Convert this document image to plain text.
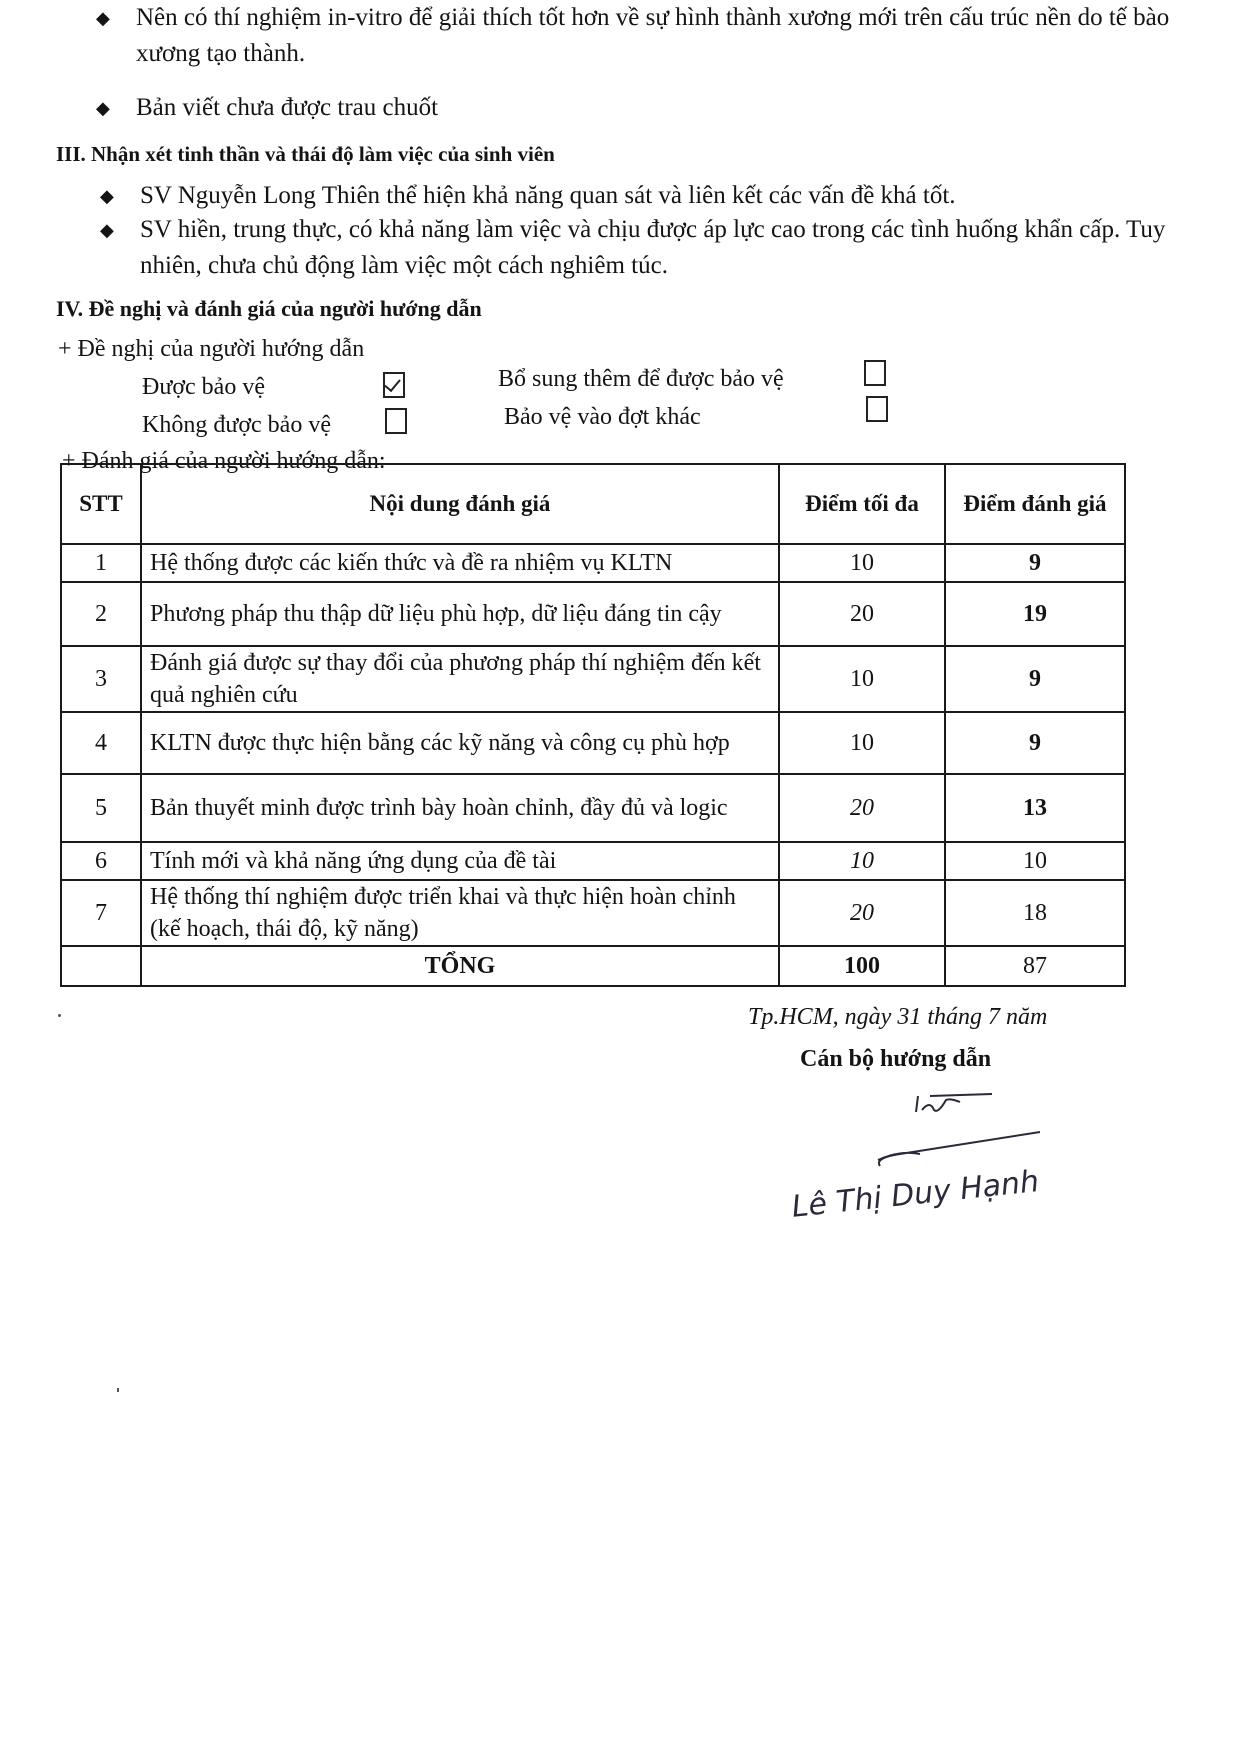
◆ Nên có thí nghiệm in-vitro để giải thích tốt hơn về sự hình thành xương mới trên cấu trúc nền do tế bào xương tạo thành.
◆ Bản viết chưa được trau chuốt
III. Nhận xét tinh thần và thái độ làm việc của sinh viên
◆ SV Nguyễn Long Thiên thể hiện khả năng quan sát và liên kết các vấn đề khá tốt.
◆ SV hiền, trung thực, có khả năng làm việc và chịu được áp lực cao trong các tình huống khẩn cấp. Tuy nhiên, chưa chủ động làm việc một cách nghiêm túc.
IV. Đề nghị và đánh giá của người hướng dẫn
+ Đề nghị của người hướng dẫn
Được bảo vệ
Không được bảo vệ
Bổ sung thêm để được bảo vệ
Bảo vệ vào đợt khác
+ Đánh giá của người hướng dẫn:
STT	Nội dung đánh giá	Điểm tối đa	Điểm đánh giá
1	Hệ thống được các kiến thức và đề ra nhiệm vụ KLTN	10	9
2	Phương pháp thu thập dữ liệu phù hợp, dữ liệu đáng tin cậy	20	19
3	Đánh giá được sự thay đổi của phương pháp thí nghiệm đến kết quả nghiên cứu	10	9
4	KLTN được thực hiện bằng các kỹ năng và công cụ phù hợp	10	9
5	Bản thuyết minh được trình bày hoàn chỉnh, đầy đủ và logic	20	13
6	Tính mới và khả năng ứng dụng của đề tài	10	10
7	Hệ thống thí nghiệm được triển khai và thực hiện hoàn chỉnh (kế hoạch, thái độ, kỹ năng)	20	18
	TỔNG	100	87
Tp.HCM, ngày 31 tháng 7 năm
Cán bộ hướng dẫn
Lê Thị Duy Hạnh
